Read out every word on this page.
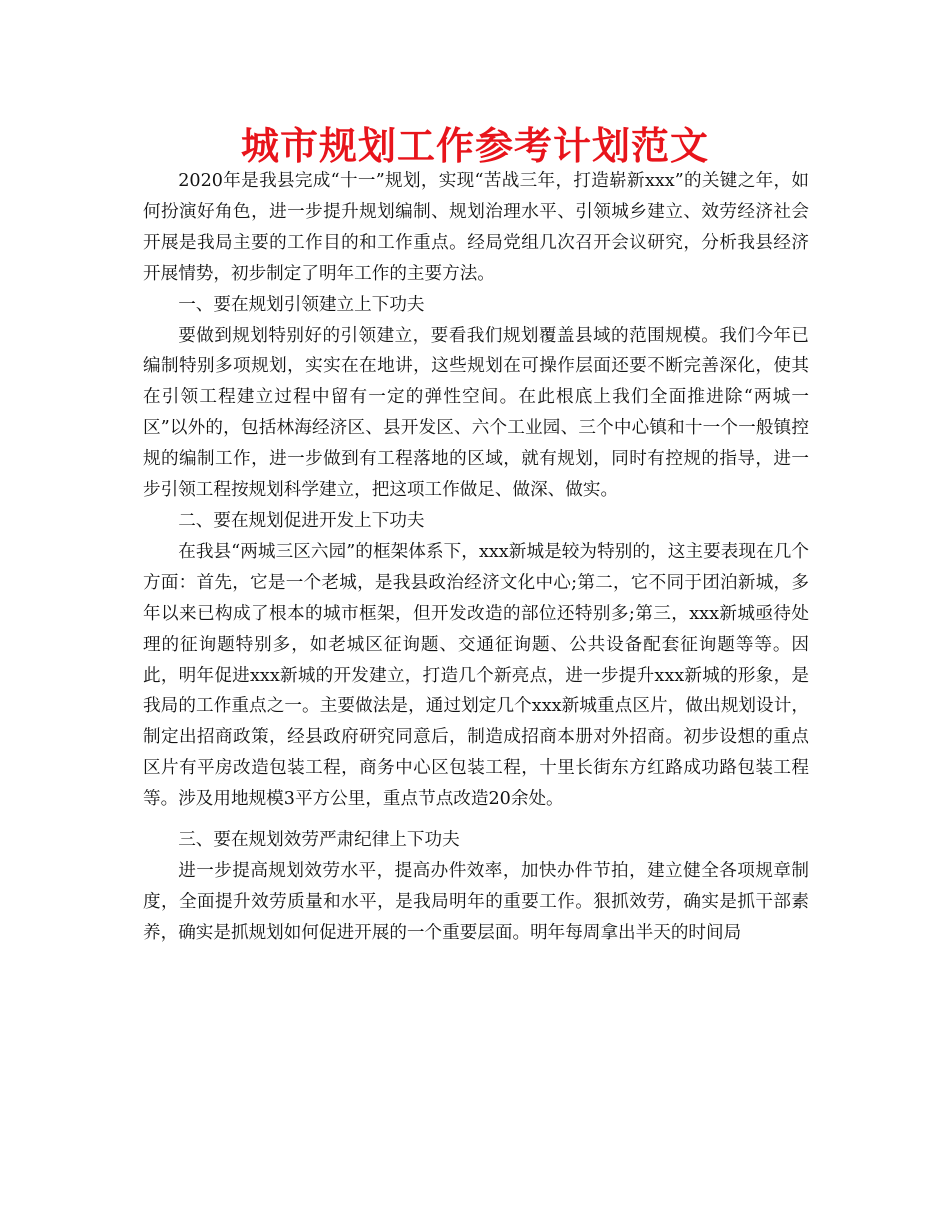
城市规划工作参考计划范文

2020年是我县完成“十一”规划，实现“苦战三年，打造崭新xxx”的关键之年，如何扮演好角色，进一步提升规划编制、规划治理水平、引领城乡建立、效劳经济社会开展是我局主要的工作目的和工作重点。经局党组几次召开会议研究，分析我县经济开展情势，初步制定了明年工作的主要方法。

一、要在规划引领建立上下功夫

要做到规划特别好的引领建立，要看我们规划覆盖县域的范围规模。我们今年已编制特别多项规划，实实在在地讲，这些规划在可操作层面还要不断完善深化，使其在引领工程建立过程中留有一定的弹性空间。在此根底上我们全面推进除“两城一区”以外的，包括林海经济区、县开发区、六个工业园、三个中心镇和十一个一般镇控规的编制工作，进一步做到有工程落地的区域，就有规划，同时有控规的指导，进一步引领工程按规划科学建立，把这项工作做足、做深、做实。

二、要在规划促进开发上下功夫

在我县“两城三区六园”的框架体系下，xxx新城是较为特别的，这主要表现在几个方面：首先，它是一个老城，是我县政治经济文化中心;第二，它不同于团泊新城，多年以来已构成了根本的城市框架，但开发改造的部位还特别多;第三，xxx新城亟待处理的征询题特别多，如老城区征询题、交通征询题、公共设备配套征询题等等。因此，明年促进xxx新城的开发建立，打造几个新亮点，进一步提升xxx新城的形象，是我局的工作重点之一。主要做法是，通过划定几个xxx新城重点区片，做出规划设计，制定出招商政策，经县政府研究同意后，制造成招商本册对外招商。初步设想的重点区片有平房改造包装工程，商务中心区包装工程，十里长街东方红路成功路包装工程等。涉及用地规模3平方公里，重点节点改造20余处。

三、要在规划效劳严肃纪律上下功夫

进一步提高规划效劳水平，提高办件效率，加快办件节拍，建立健全各项规章制度，全面提升效劳质量和水平，是我局明年的重要工作。狠抓效劳，确实是抓干部素养，确实是抓规划如何促进开展的一个重要层面。明年每周拿出半天的时间局
